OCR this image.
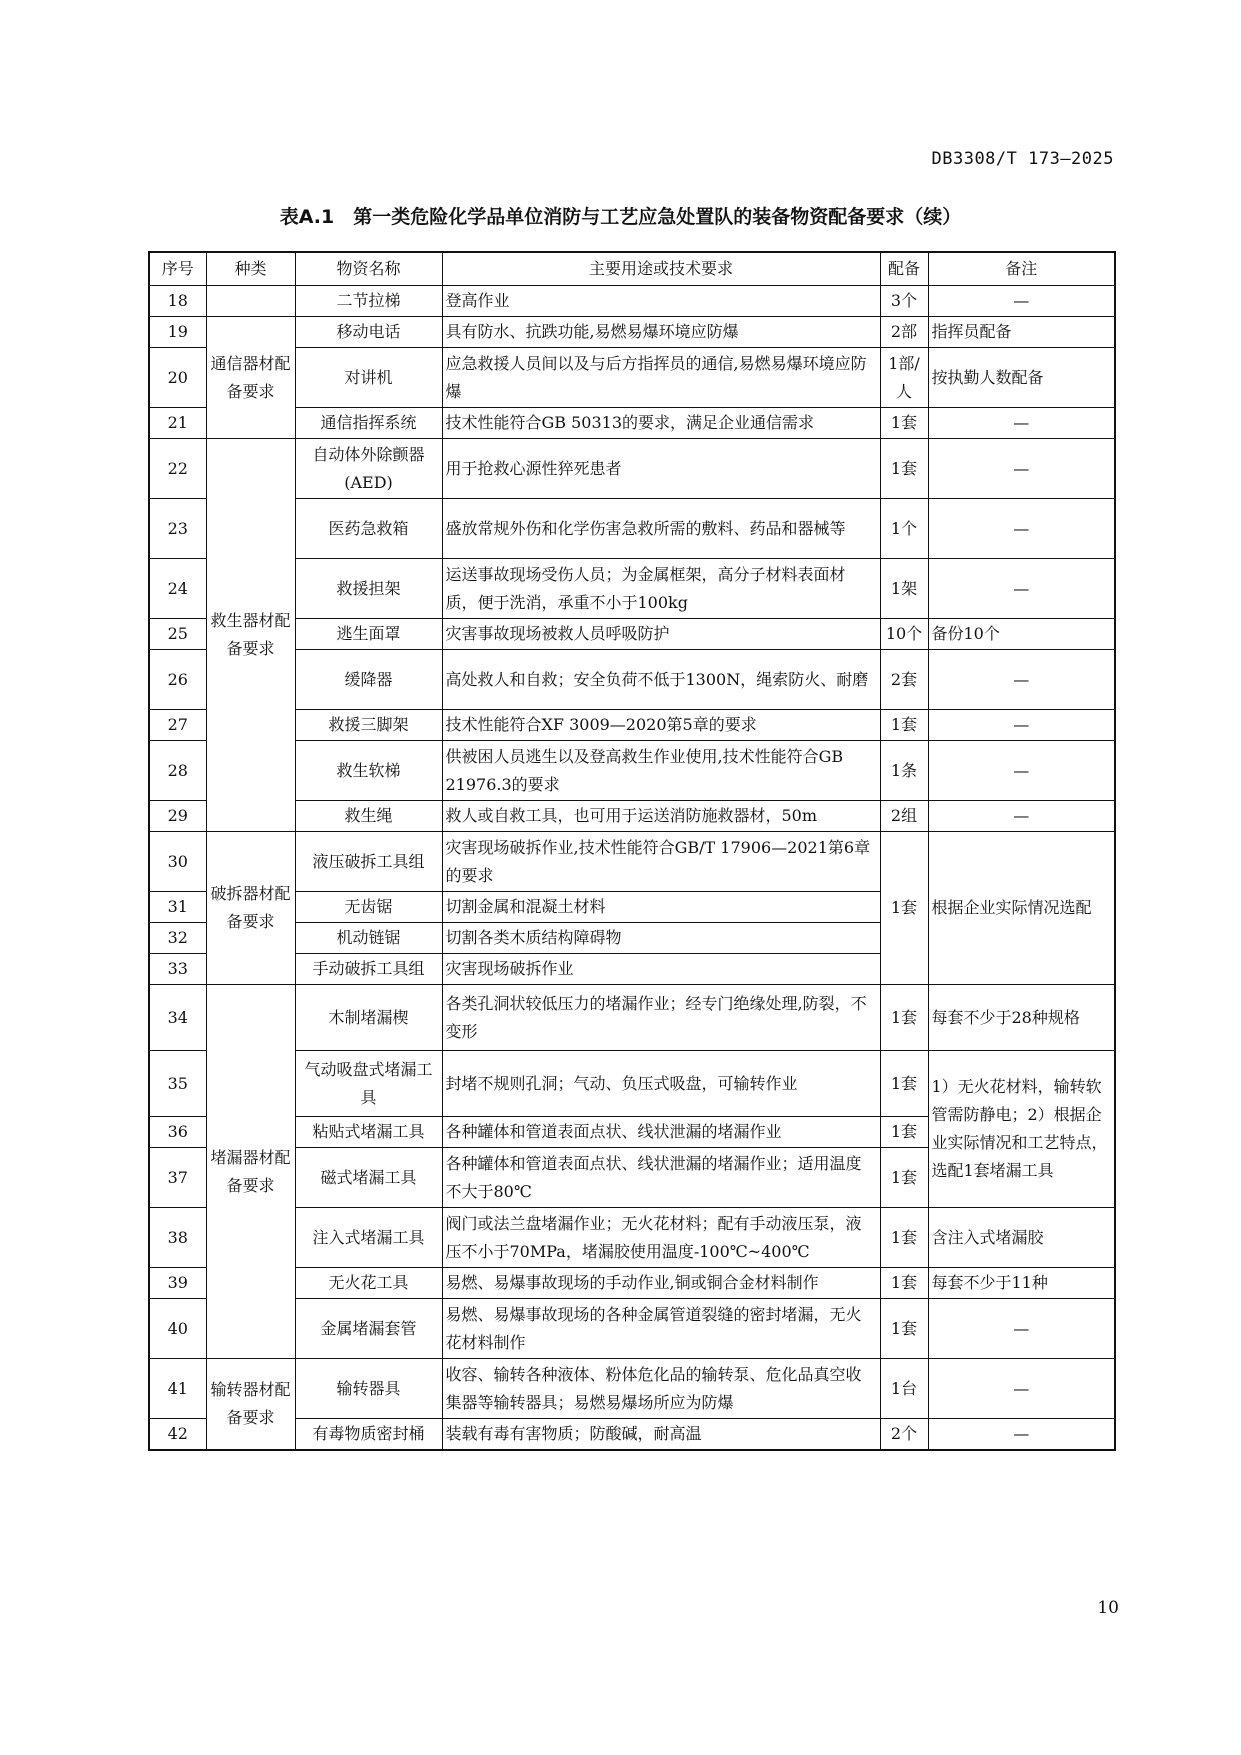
DB3308/T 173—2025
表A.1　第一类危险化学品单位消防与工艺应急处置队的装备物资配备要求（续）
序号	种类	物资名称	主要用途或技术要求	配备	备注
18		二节拉梯	登高作业	3个	—
19	通信器材配备要求	移动电话	具有防水、抗跌功能,易燃易爆环境应防爆	2部	指挥员配备
20		对讲机	应急救援人员间以及与后方指挥员的通信,易燃易爆环境应防爆	1部/人	按执勤人数配备
21		通信指挥系统	技术性能符合GB 50313的要求，满足企业通信需求	1套	—
22	救生器材配备要求	自动体外除颤器(AED)	用于抢救心源性猝死患者	1套	—
23		医药急救箱	盛放常规外伤和化学伤害急救所需的敷料、药品和器械等	1个	—
24		救援担架	运送事故现场受伤人员；为金属框架，高分子材料表面材质，便于洗消，承重不小于100kg	1架	—
25		逃生面罩	灾害事故现场被救人员呼吸防护	10个	备份10个
26		缓降器	高处救人和自救；安全负荷不低于1300N，绳索防火、耐磨	2套	—
27		救援三脚架	技术性能符合XF 3009—2020第5章的要求	1套	—
28		救生软梯	供被困人员逃生以及登高救生作业使用,技术性能符合GB 21976.3的要求	1条	—
29		救生绳	救人或自救工具，也可用于运送消防施救器材，50m	2组	—
30	破拆器材配备要求	液压破拆工具组	灾害现场破拆作业,技术性能符合GB/T 17906—2021第6章的要求	1套	根据企业实际情况选配
31		无齿锯	切割金属和混凝土材料		
32		机动链锯	切割各类木质结构障碍物		
33		手动破拆工具组	灾害现场破拆作业		
34	堵漏器材配备要求	木制堵漏楔	各类孔洞状较低压力的堵漏作业；经专门绝缘处理,防裂，不变形	1套	每套不少于28种规格
35		气动吸盘式堵漏工具	封堵不规则孔洞；气动、负压式吸盘，可输转作业	1套	1）无火花材料，输转软管需防静电；2）根据企业实际情况和工艺特点，选配1套堵漏工具
36		粘贴式堵漏工具	各种罐体和管道表面点状、线状泄漏的堵漏作业	1套	
37		磁式堵漏工具	各种罐体和管道表面点状、线状泄漏的堵漏作业；适用温度不大于80℃	1套	
38		注入式堵漏工具	阀门或法兰盘堵漏作业；无火花材料；配有手动液压泵，液压不小于70MPa，堵漏胶使用温度-100℃~400℃	1套	含注入式堵漏胶
39		无火花工具	易燃、易爆事故现场的手动作业,铜或铜合金材料制作	1套	每套不少于11种
40		金属堵漏套管	易燃、易爆事故现场的各种金属管道裂缝的密封堵漏，无火花材料制作	1套	—
41	输转器材配备要求	输转器具	收容、输转各种液体、粉体危化品的输转泵、危化品真空收集器等输转器具；易燃易爆场所应为防爆	1台	—
42		有毒物质密封桶	装载有毒有害物质；防酸碱，耐高温	2个	—
10
